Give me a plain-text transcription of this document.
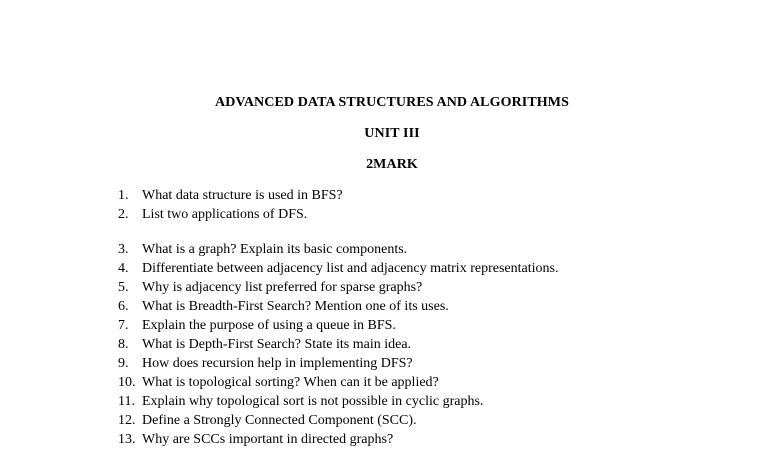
ADVANCED DATA STRUCTURES AND ALGORITHMS
UNIT III
2MARK
1. What data structure is used in BFS?
2. List two applications of DFS.
3. What is a graph? Explain its basic components.
4. Differentiate between adjacency list and adjacency matrix representations.
5. Why is adjacency list preferred for sparse graphs?
6. What is Breadth-First Search? Mention one of its uses.
7. Explain the purpose of using a queue in BFS.
8. What is Depth-First Search? State its main idea.
9. How does recursion help in implementing DFS?
10. What is topological sorting? When can it be applied?
11. Explain why topological sort is not possible in cyclic graphs.
12. Define a Strongly Connected Component (SCC).
13. Why are SCCs important in directed graphs?
